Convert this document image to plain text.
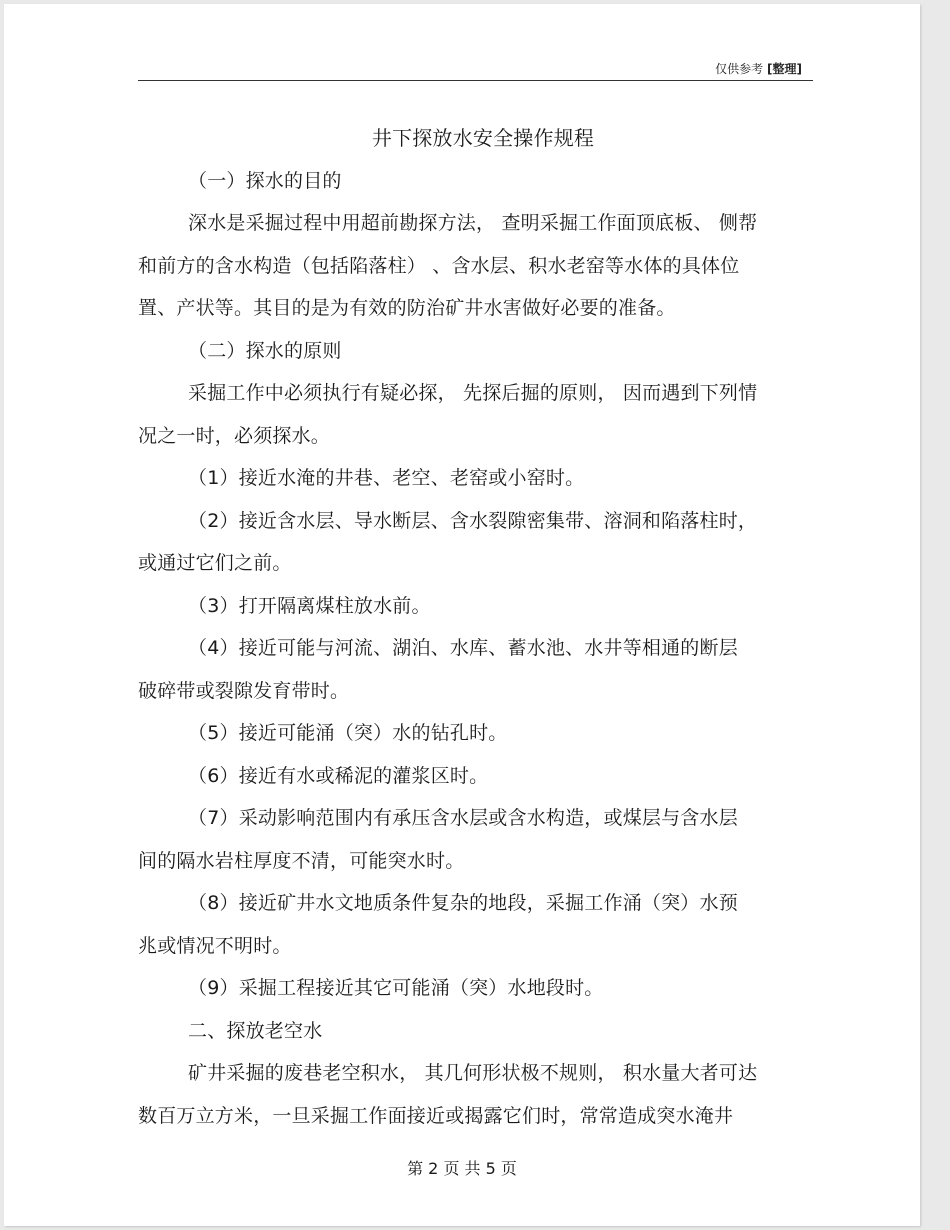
仅供参考 [整理]
井下探放水安全操作规程
（一）探水的目的
深水是采掘过程中用超前勘探方法， 查明采掘工作面顶底板、 侧帮
和前方的含水构造（包括陷落柱） 、含水层、积水老窑等水体的具体位
置、产状等。其目的是为有效的防治矿井水害做好必要的准备。
（二）探水的原则
采掘工作中必须执行有疑必探， 先探后掘的原则， 因而遇到下列情
况之一时，必须探水。
（1）接近水淹的井巷、老空、老窑或小窑时。
（2）接近含水层、导水断层、含水裂隙密集带、溶洞和陷落柱时，
或通过它们之前。
（3）打开隔离煤柱放水前。
（4）接近可能与河流、湖泊、水库、蓄水池、水井等相通的断层
破碎带或裂隙发育带时。
（5）接近可能涌（突）水的钻孔时。
（6）接近有水或稀泥的灌浆区时。
（7）采动影响范围内有承压含水层或含水构造，或煤层与含水层
间的隔水岩柱厚度不清，可能突水时。
（8）接近矿井水文地质条件复杂的地段，采掘工作涌（突）水预
兆或情况不明时。
（9）采掘工程接近其它可能涌（突）水地段时。
二、探放老空水
矿井采掘的废巷老空积水， 其几何形状极不规则， 积水量大者可达
数百万立方米，一旦采掘工作面接近或揭露它们时，常常造成突水淹井
第 2 页 共 5 页
